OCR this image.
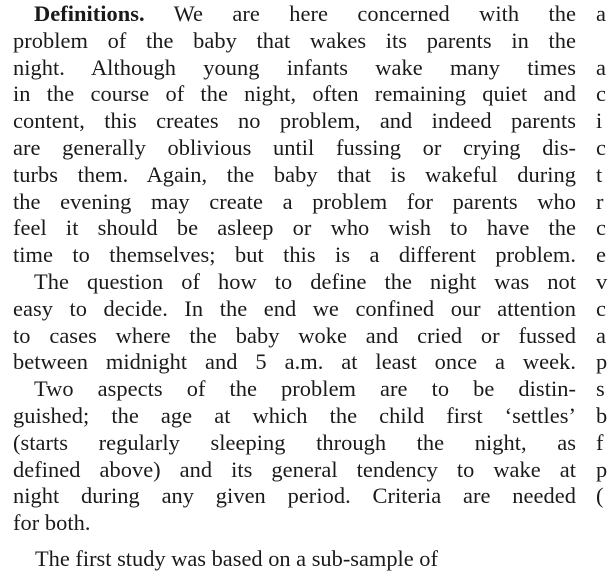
Definitions. We are here concerned with the
problem of the baby that wakes its parents in the
night. Although young infants wake many times
in the course of the night, often remaining quiet and
content, this creates no problem, and indeed parents
are generally oblivious until fussing or crying dis-
turbs them. Again, the baby that is wakeful during
the evening may create a problem for parents who
feel it should be asleep or who wish to have the
time to themselves; but this is a different problem.
The question of how to define the night was not
easy to decide. In the end we confined our attention
to cases where the baby woke and cried or fussed
between midnight and 5 a.m. at least once a week.
Two aspects of the problem are to be distin-
guished; the age at which the child first ‘settles’
(starts regularly sleeping through the night, as
defined above) and its general tendency to wake at
night during any given period. Criteria are needed
for both.
a
a
c
i
c
t
r
c
e
v
c
a
p
s
b
f
p
(
The first study was based on a sub-sample of
